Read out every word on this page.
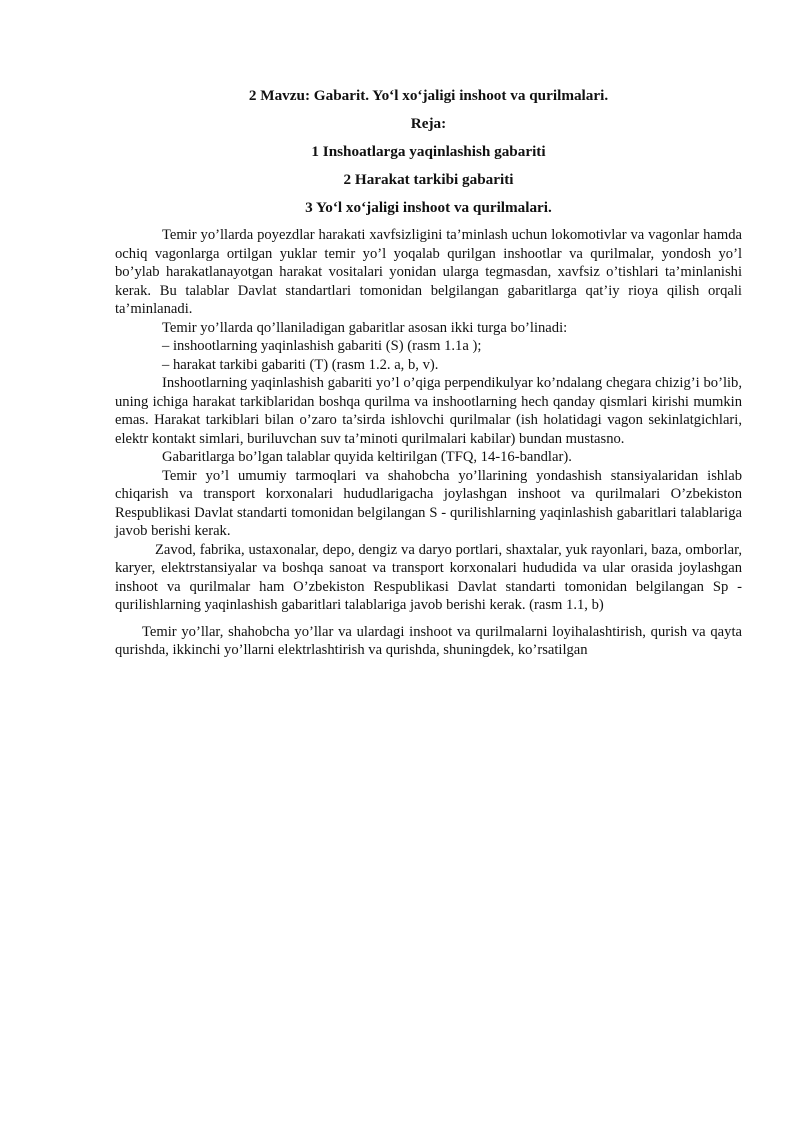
2 Mavzu: Gabarit. Yo‘l xo‘jaligi inshoot va qurilmalari.

Reja:

1 Inshoatlarga yaqinlashish gabariti

2 Harakat tarkibi gabariti

3 Yo‘l xo‘jaligi inshoot va qurilmalari.

Temir yo’llarda poyezdlar harakati xavfsizligini ta’minlash uchun lokomotivlar va vagonlar hamda ochiq vagonlarga ortilgan yuklar temir yo’l yoqalab qurilgan inshootlar va qurilmalar, yondosh yo’l bo’ylab harakatlanayotgan harakat vositalari yonidan ularga tegmasdan, xavfsiz o’tishlari ta’minlanishi kerak. Bu talablar Davlat standartlari tomonidan belgilangan gabaritlarga qat’iy rioya qilish orqali ta’minlanadi.

Temir yo’llarda qo’llaniladigan gabaritlar asosan ikki turga bo’linadi:

– inshootlarning yaqinlashish gabariti (S) (rasm 1.1a );

– harakat tarkibi gabariti (T) (rasm 1.2. a, b, v).

Inshootlarning yaqinlashish gabariti yo’l o’qiga perpendikulyar ko’ndalang chegara chizig’i bo’lib, uning ichiga harakat tarkiblaridan boshqa qurilma va inshootlarning hech qanday qismlari kirishi mumkin emas. Harakat tarkiblari bilan o’zaro ta’sirda ishlovchi qurilmalar (ish holatidagi vagon sekinlatgichlari, elektr kontakt simlari, buriluvchan suv ta’minoti qurilmalari kabilar) bundan mustasno.

Gabaritlarga bo’lgan talablar quyida keltirilgan (TFQ, 14-16-bandlar).

Temir yo’l umumiy tarmoqlari va shahobcha yo’llarining yondashish stansiyalaridan ishlab chiqarish va transport korxonalari hududlarigacha joylashgan inshoot va qurilmalari O’zbekiston Respublikasi Davlat standarti tomonidan belgilangan S - qurilishlarning yaqinlashish gabaritlari talablariga javob berishi kerak.

Zavod, fabrika, ustaxonalar, depo, dengiz va daryo portlari, shaxtalar, yuk rayonlari, baza, omborlar, karyer, elektrstansiyalar va boshqa sanoat va transport korxonalari hududida va ular orasida joylashgan inshoot va qurilmalar ham O’zbekiston Respublikasi Davlat standarti tomonidan belgilangan Sp - qurilishlarning yaqinlashish gabaritlari talablariga javob berishi kerak. (rasm 1.1, b)

Temir yo’llar, shahobcha yo’llar va ulardagi inshoot va qurilmalarni loyihalashtirish, qurish va qayta qurishda, ikkinchi yo’llarni elektrlashtirish va qurishda, shuningdek, ko’rsatilgan
